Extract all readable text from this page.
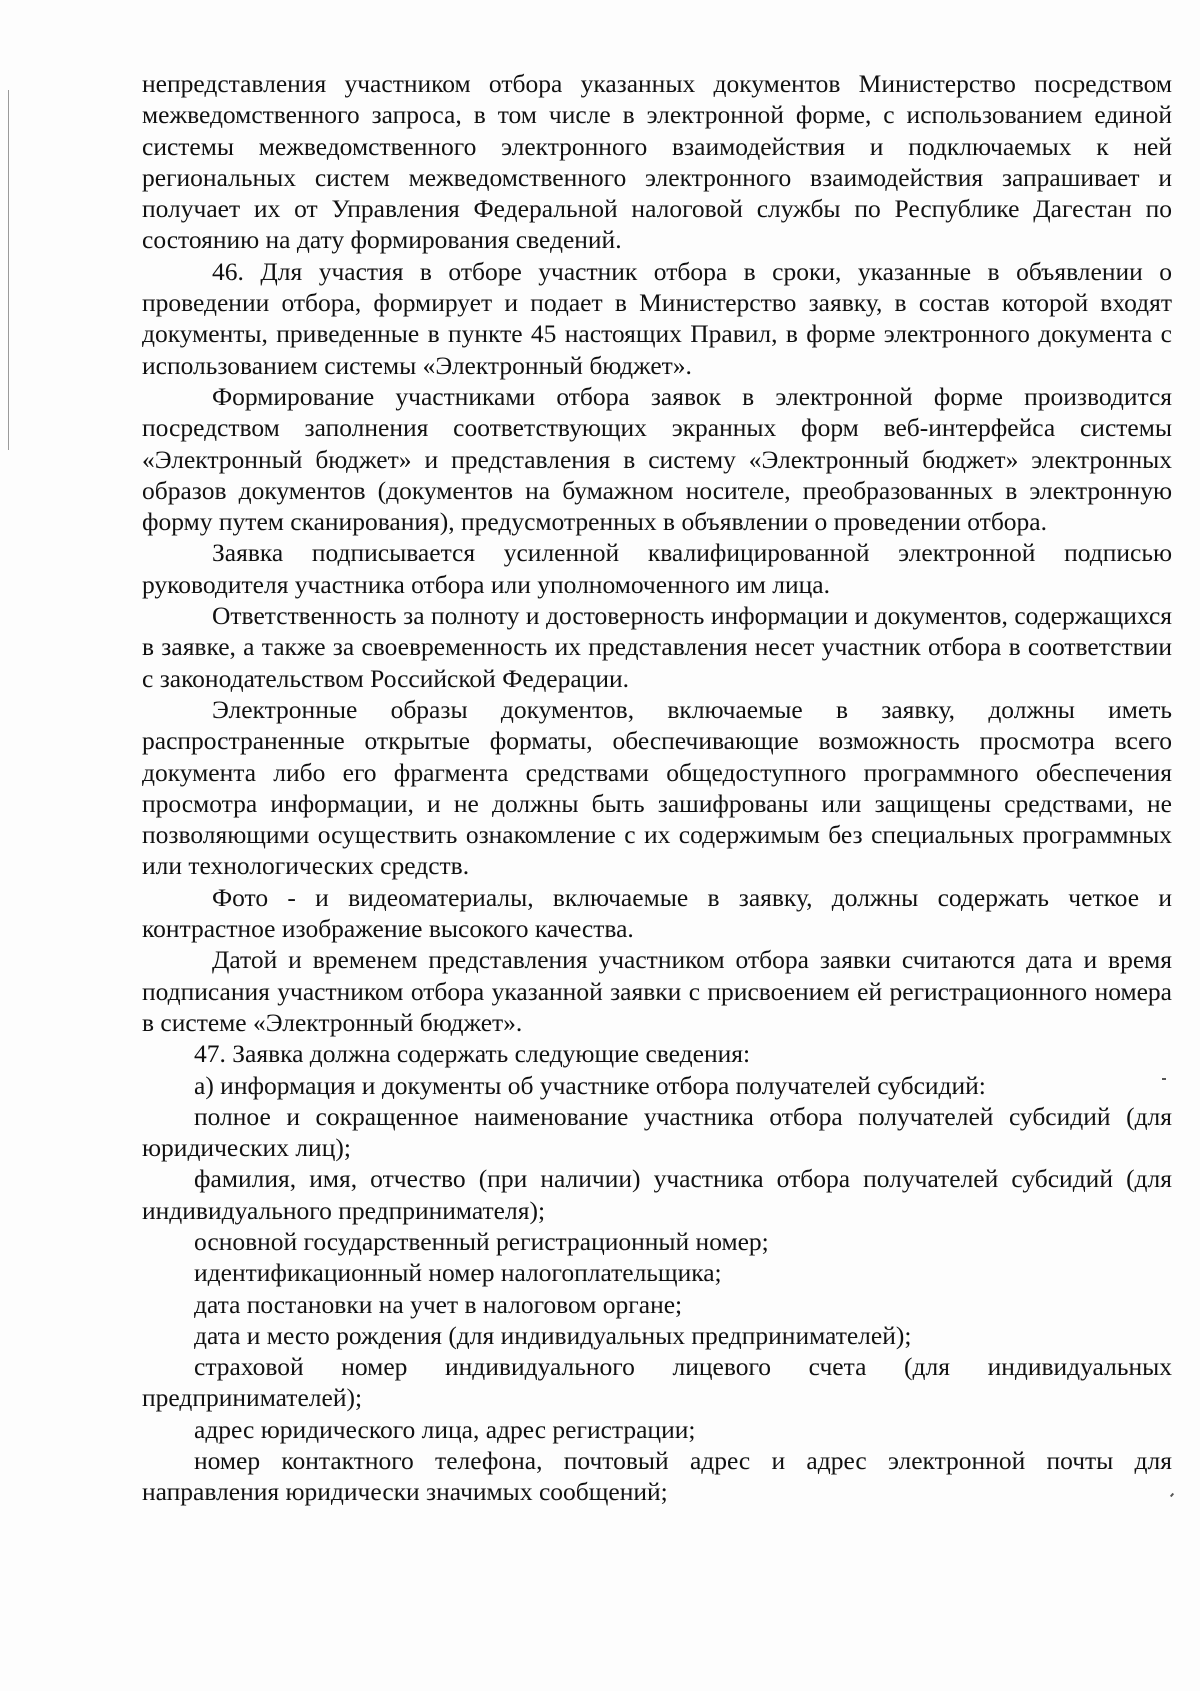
непредставления участником отбора указанных документов Министерство посредством межведомственного запроса, в том числе в электронной форме, с использованием единой системы межведомственного электронного взаимодействия и подключаемых к ней региональных систем межведомственного электронного взаимодействия запрашивает и получает их от Управления Федеральной налоговой службы по Республике Дагестан по состоянию на дату формирования сведений.

46. Для участия в отборе участник отбора в сроки, указанные в объявлении о проведении отбора, формирует и подает в Министерство заявку, в состав которой входят документы, приведенные в пункте 45 настоящих Правил, в форме электронного документа с использованием системы «Электронный бюджет».

Формирование участниками отбора заявок в электронной форме производится посредством заполнения соответствующих экранных форм веб-интерфейса системы «Электронный бюджет» и представления в систему «Электронный бюджет» электронных образов документов (документов на бумажном носителе, преобразованных в электронную форму путем сканирования), предусмотренных в объявлении о проведении отбора.

Заявка подписывается усиленной квалифицированной электронной подписью руководителя участника отбора или уполномоченного им лица.

Ответственность за полноту и достоверность информации и документов, содержащихся в заявке, а также за своевременность их представления несет участник отбора в соответствии с законодательством Российской Федерации.

Электронные образы документов, включаемые в заявку, должны иметь распространенные открытые форматы, обеспечивающие возможность просмотра всего документа либо его фрагмента средствами общедоступного программного обеспечения просмотра информации, и не должны быть зашифрованы или защищены средствами, не позволяющими осуществить ознакомление с их содержимым без специальных программных или технологических средств.

Фото - и видеоматериалы, включаемые в заявку, должны содержать четкое и контрастное изображение высокого качества.

Датой и временем представления участником отбора заявки считаются дата и время подписания участником отбора указанной заявки с присвоением ей регистрационного номера в системе «Электронный бюджет».

47. Заявка должна содержать следующие сведения:

а) информация и документы об участнике отбора получателей субсидий:

полное и сокращенное наименование участника отбора получателей субсидий (для юридических лиц);

фамилия, имя, отчество (при наличии) участника отбора получателей субсидий (для индивидуального предпринимателя);

основной государственный регистрационный номер;

идентификационный номер налогоплательщика;

дата постановки на учет в налоговом органе;

дата и место рождения (для индивидуальных предпринимателей);

страховой номер индивидуального лицевого счета (для индивидуальных предпринимателей);

адрес юридического лица, адрес регистрации;

номер контактного телефона, почтовый адрес и адрес электронной почты для направления юридически значимых сообщений;
